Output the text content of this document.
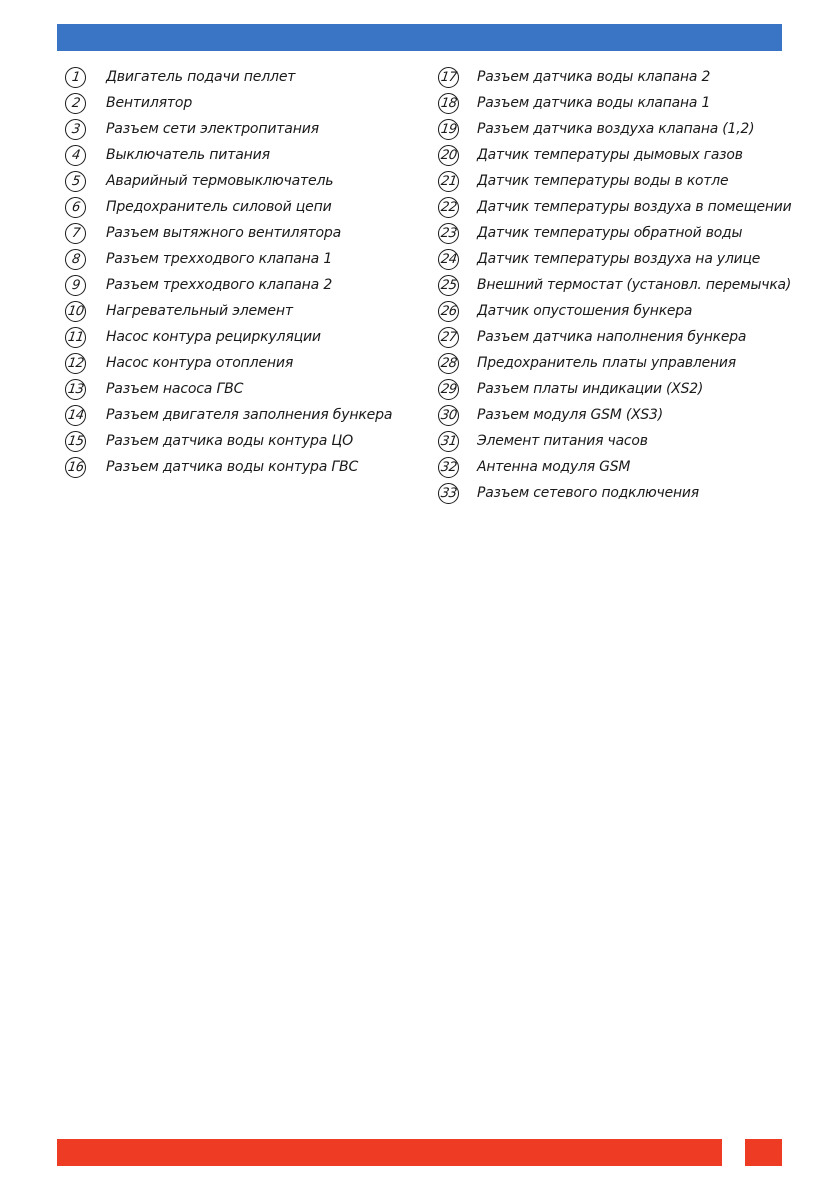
1 Двигатель подачи пеллет
2 Вентилятор
3 Разъем сети электропитания
4 Выключатель питания
5 Аварийный термовыключатель
6 Предохранитель силовой цепи
7 Разъем вытяжного вентилятора
8 Разъем трехходвого клапана 1
9 Разъем трехходвого клапана 2
10 Нагревательный элемент
11 Насос контура рециркуляции
12 Насос контура отопления
13 Разъем насоса ГВС
14 Разъем двигателя заполнения бункера
15 Разъем датчика воды контура ЦО
16 Разъем датчика воды контура ГВС
17 Разъем датчика воды клапана 2
18 Разъем датчика воды клапана 1
19 Разъем датчика воздуха клапана (1,2)
20 Датчик температуры дымовых газов
21 Датчик температуры воды в котле
22 Датчик температуры воздуха в помещении
23 Датчик температуры обратной воды
24 Датчик температуры воздуха на улице
25 Внешний термостат (установл. перемычка)
26 Датчик опустошения бункера
27 Разъем датчика наполнения бункера
28 Предохранитель платы управления
29 Разъем платы индикации (XS2)
30 Разъем модуля GSM (XS3)
31 Элемент питания часов
32 Антенна модуля GSM
33 Разъем сетевого подключения
